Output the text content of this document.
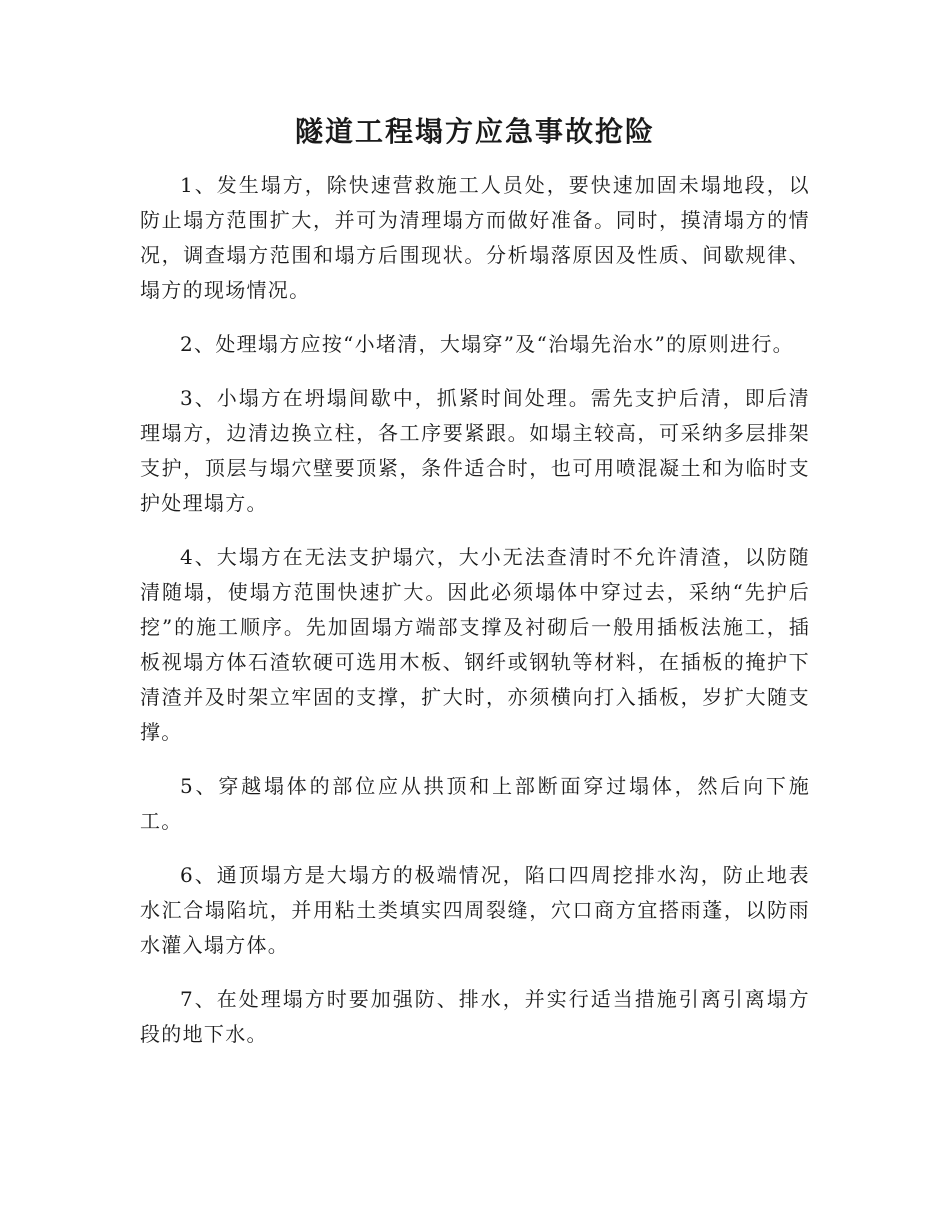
隧道工程塌方应急事故抢险

1、发生塌方，除快速营救施工人员处，要快速加固未塌地段，以防止塌方范围扩大，并可为清理塌方而做好准备。同时，摸清塌方的情况，调查塌方范围和塌方后围现状。分析塌落原因及性质、间歇规律、塌方的现场情况。

2、处理塌方应按“小堵清，大塌穿”及“治塌先治水”的原则进行。

3、小塌方在坍塌间歇中，抓紧时间处理。需先支护后清，即后清理塌方，边清边换立柱，各工序要紧跟。如塌主较高，可采纳多层排架支护，顶层与塌穴壁要顶紧，条件适合时，也可用喷混凝土和为临时支护处理塌方。

4、大塌方在无法支护塌穴，大小无法查清时不允许清渣，以防随清随塌，使塌方范围快速扩大。因此必须塌体中穿过去，采纳“先护后挖”的施工顺序。先加固塌方端部支撑及衬砌后一般用插板法施工，插板视塌方体石渣软硬可选用木板、钢纤或钢轨等材料，在插板的掩护下清渣并及时架立牢固的支撑，扩大时，亦须横向打入插板，岁扩大随支撑。

5、穿越塌体的部位应从拱顶和上部断面穿过塌体，然后向下施工。

6、通顶塌方是大塌方的极端情况，陷口四周挖排水沟，防止地表水汇合塌陷坑，并用粘土类填实四周裂缝，穴口商方宜搭雨蓬，以防雨水灌入塌方体。

7、在处理塌方时要加强防、排水，并实行适当措施引离引离塌方段的地下水。
